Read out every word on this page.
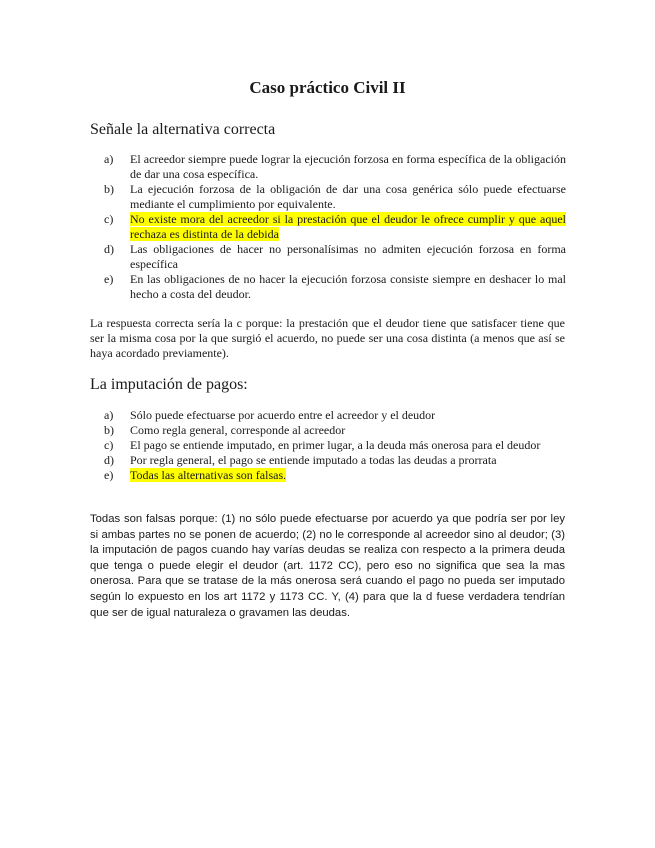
Caso práctico Civil II
Señale la alternativa correcta
a)	El acreedor siempre puede lograr la ejecución forzosa en forma específica de la obligación de dar una cosa específica.
b)	La ejecución forzosa de la obligación de dar una cosa genérica sólo puede efectuarse mediante el cumplimiento por equivalente.
c)	No existe mora del acreedor si la prestación que el deudor le ofrece cumplir y que aquel rechaza es distinta de la debida
d)	Las obligaciones de hacer no personalísimas no admiten ejecución forzosa en forma específica
e)	En las obligaciones de no hacer la ejecución forzosa consiste siempre en deshacer lo mal hecho a costa del deudor.

La respuesta correcta sería la c porque: la prestación que el deudor tiene que satisfacer tiene que ser la misma cosa por la que surgió el acuerdo, no puede ser una cosa distinta (a menos que así se haya acordado previamente).

La imputación de pagos:
a)	Sólo puede efectuarse por acuerdo entre el acreedor y el deudor
b)	Como regla general, corresponde al acreedor
c)	El pago se entiende imputado, en primer lugar, a la deuda más onerosa para el deudor
d)	Por regla general, el pago se entiende imputado a todas las deudas a prorrata
e)	Todas las alternativas son falsas.

Todas son falsas porque: (1) no sólo puede efectuarse por acuerdo ya que podría ser por ley si ambas partes no se ponen de acuerdo; (2) no le corresponde al acreedor sino al deudor; (3) la imputación de pagos cuando hay varías deudas se realiza con respecto a la primera deuda que tenga o puede elegir el deudor (art. 1172 CC), pero eso no significa que sea la mas onerosa. Para que se tratase de la más onerosa será cuando el pago no pueda ser imputado según lo expuesto en los art 1172 y 1173 CC. Y, (4) para que la d fuese verdadera tendrían que ser de igual naturaleza o gravamen las deudas.
